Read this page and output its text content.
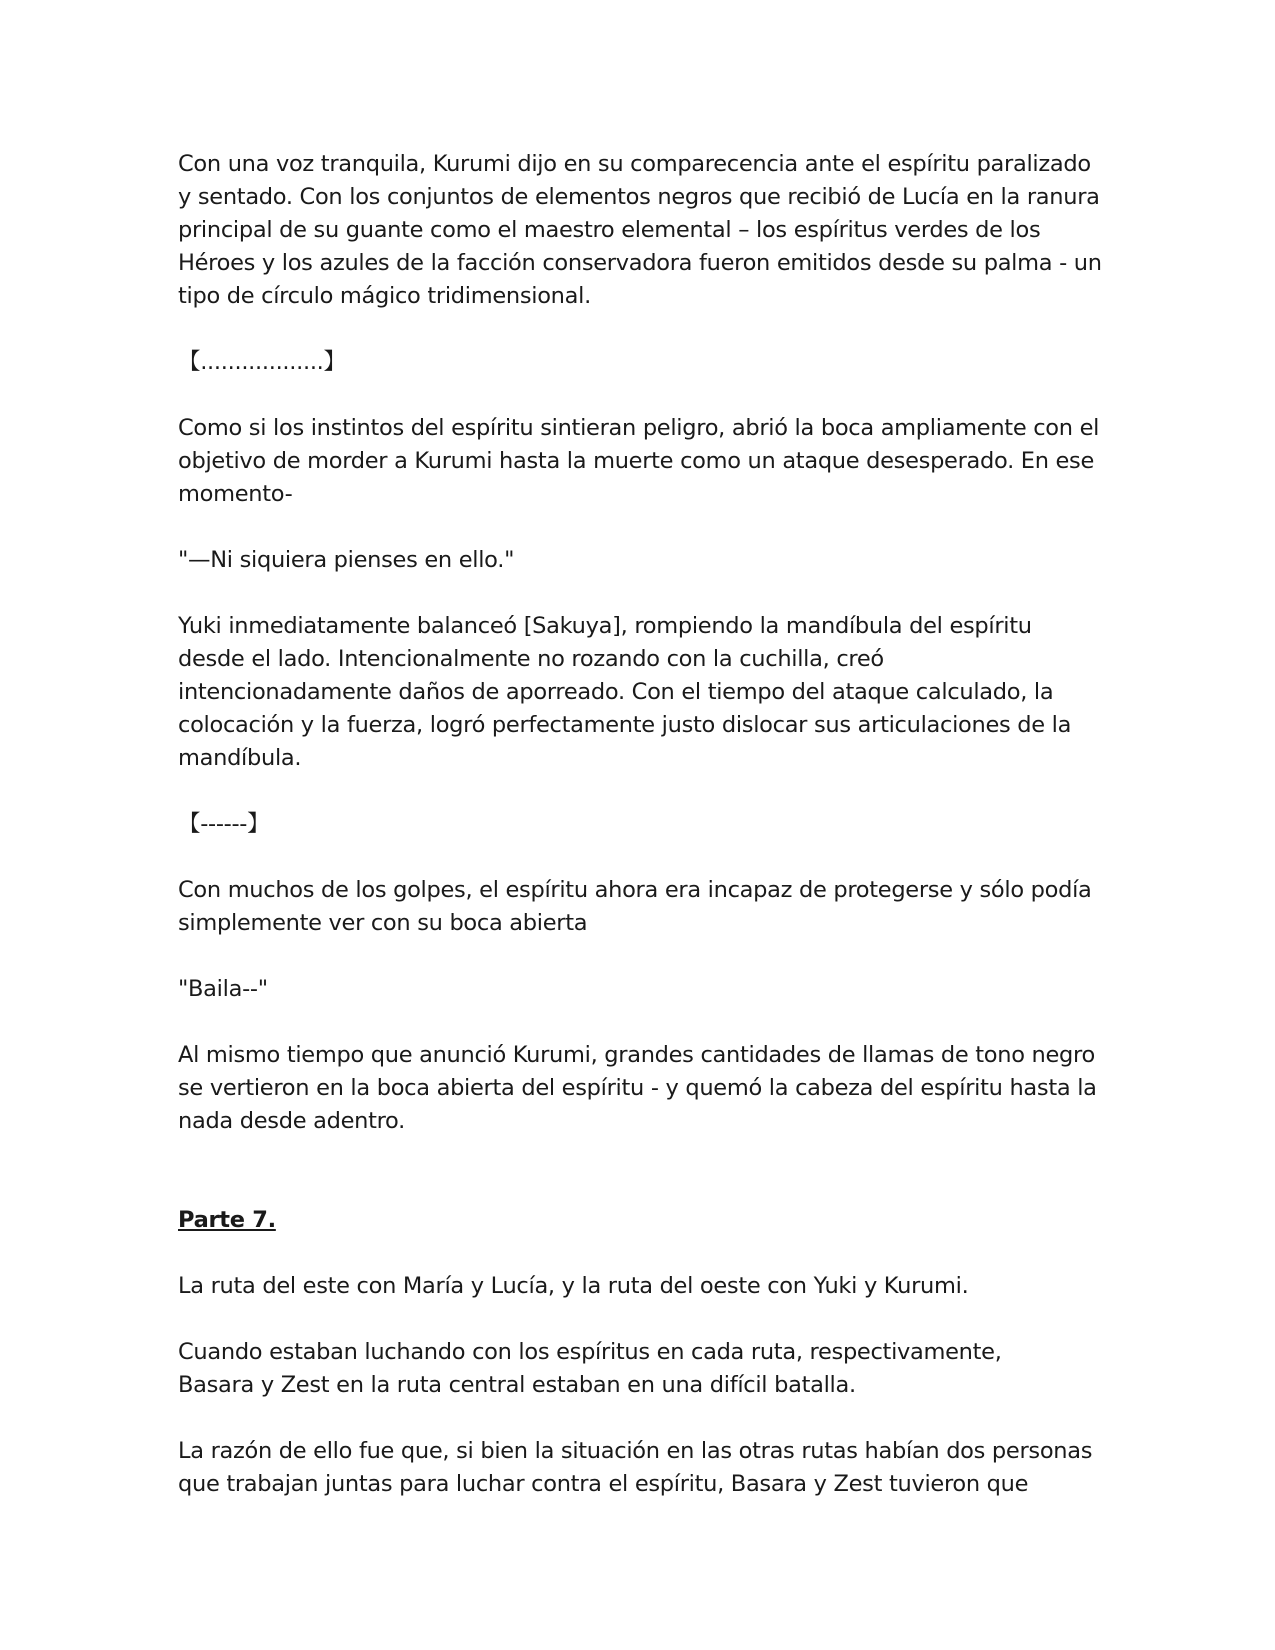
Con una voz tranquila, Kurumi dijo en su comparecencia ante el espíritu paralizado
y sentado. Con los conjuntos de elementos negros que recibió de Lucía en la ranura
principal de su guante como el maestro elemental – los espíritus verdes de los
Héroes y los azules de la facción conservadora fueron emitidos desde su palma - un
tipo de círculo mágico tridimensional.

【..................】

Como si los instintos del espíritu sintieran peligro, abrió la boca ampliamente con el
objetivo de morder a Kurumi hasta la muerte como un ataque desesperado. En ese
momento-

"—Ni siquiera pienses en ello."

Yuki inmediatamente balanceó [Sakuya], rompiendo la mandíbula del espíritu
desde el lado. Intencionalmente no rozando con la cuchilla, creó
intencionadamente daños de aporreado. Con el tiempo del ataque calculado, la
colocación y la fuerza, logró perfectamente justo dislocar sus articulaciones de la
mandíbula.

【------】

Con muchos de los golpes, el espíritu ahora era incapaz de protegerse y sólo podía
simplemente ver con su boca abierta

"Baila--"

Al mismo tiempo que anunció Kurumi, grandes cantidades de llamas de tono negro
se vertieron en la boca abierta del espíritu - y quemó la cabeza del espíritu hasta la
nada desde adentro.

Parte 7.

La ruta del este con María y Lucía, y la ruta del oeste con Yuki y Kurumi.

Cuando estaban luchando con los espíritus en cada ruta, respectivamente,
Basara y Zest en la ruta central estaban en una difícil batalla.

La razón de ello fue que, si bien la situación en las otras rutas habían dos personas
que trabajan juntas para luchar contra el espíritu, Basara y Zest tuvieron que
